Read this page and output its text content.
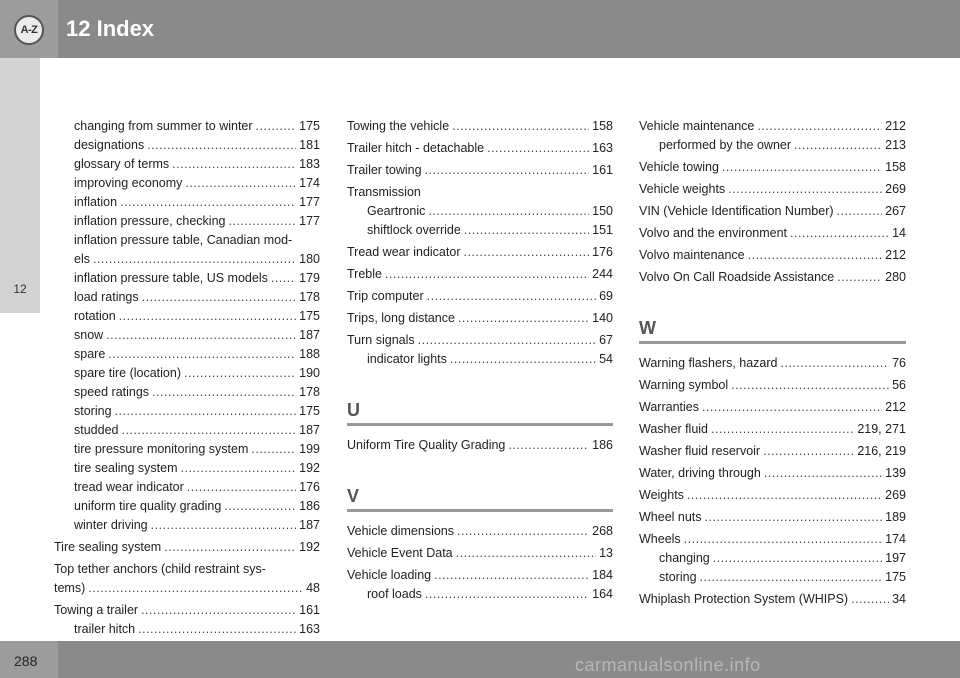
A-Z 12 Index
12
changing from summer to winter .....	175
designations .....	181
glossary of terms .....	183
improving economy .....	174
inflation .....	177
inflation pressure, checking .....	177
inflation pressure table, Canadian mod-
els .....	180
inflation pressure table, US models .....	179
load ratings .....	178
rotation .....	175
snow .....	187
spare .....	188
spare tire (location) .....	190
speed ratings .....	178
storing .....	175
studded .....	187
tire pressure monitoring system .....	199
tire sealing system .....	192
tread wear indicator .....	176
uniform tire quality grading .....	186
winter driving .....	187
Tire sealing system .....	192
Top tether anchors (child restraint sys-
tems) .....	48
Towing a trailer .....	161
trailer hitch .....	163
Towing the vehicle .....	158
Trailer hitch - detachable .....	163
Trailer towing .....	161
Transmission
Geartronic .....	150
shiftlock override .....	151
Tread wear indicator .....	176
Treble .....	244
Trip computer .....	69
Trips, long distance .....	140
Turn signals .....	67
indicator lights .....	54
U
Uniform Tire Quality Grading .....	186
V
Vehicle dimensions .....	268
Vehicle Event Data .....	13
Vehicle loading .....	184
roof loads .....	164
Vehicle maintenance .....	212
performed by the owner .....	213
Vehicle towing .....	158
Vehicle weights .....	269
VIN (Vehicle Identification Number) .....	267
Volvo and the environment .....	14
Volvo maintenance .....	212
Volvo On Call Roadside Assistance .....	280
W
Warning flashers, hazard .....	76
Warning symbol .....	56
Warranties .....	212
Washer fluid .....	219, 271
Washer fluid reservoir .....	216, 219
Water, driving through .....	139
Weights .....	269
Wheel nuts .....	189
Wheels .....	174
changing .....	197
storing .....	175
Whiplash Protection System (WHIPS) .....	34
288	carmanualsonline.info
